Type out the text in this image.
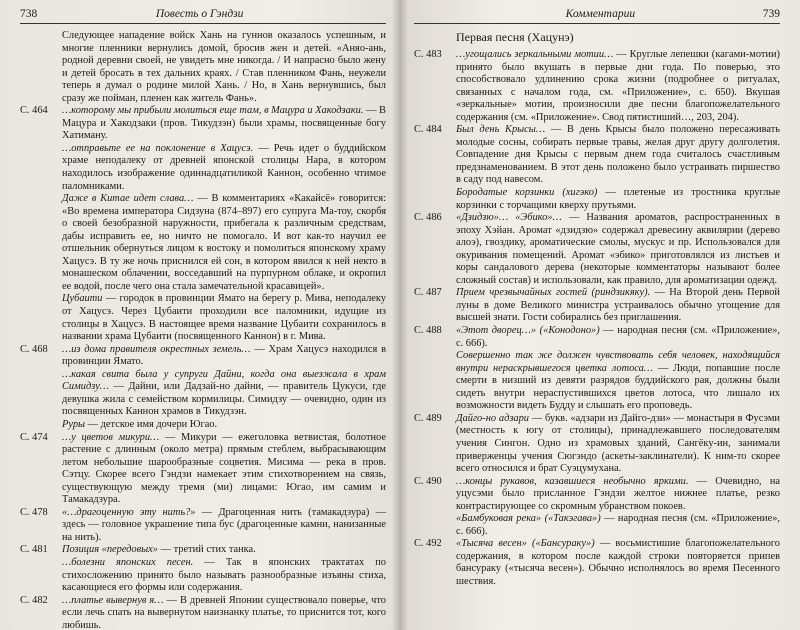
738	Повесть о Гэндзи

Следующее нападение войск Хань на гуннов оказалось успешным, и многие пленники вернулись домой, бросив жен и детей. «Аняо-ань, родной деревни своей, не увидеть мне никогда. / И напрасно было жену и детей бросать в тех дальних краях. / Став пленником Фань, неужели теперь я думал о родине милой Хань. / Но, в Хань вернувшись, был сразу же пойман, пленен как житель Фань».

С. 464	…которому мы прибыли молиться еще там, в Мацура и Хакодзаки. — В Мацура и Хакодзаки (пров. Тикудзэн) были храмы, посвященные богу Хатиману.

…отправьте ее на поклонение в Хацусэ. — Речь идет о буддийском храме неподалеку от древней японской столицы Нара, в котором находилось изображение одиннадцатиликой Каннон, особенно чтимое паломниками.

Даже в Китае идет слава… — В комментариях «Какайсё» говорится: «Во времена императора Сидзуна (874–897) его супруга Ма-тоу, скорбя о своей безобразной наружности, прибегала к различным средствам, дабы исправить ее, но ничто не помогало. И вот как-то научил ее отшельник обернуться лицом к востоку и помолиться японскому храму Хацусэ. В ту же ночь приснился ей сон, в котором явился к ней некто в монашеском облачении, восседавший на пурпурном облаке, и окропил ее водой, после чего она стала замечательной красавицей».

Цубаити — городок в провинции Ямато на берегу р. Мива, неподалеку от Хацусэ. Через Цубаити проходили все паломники, идущие из столицы в Хацусэ. В настоящее время название Цубаити сохранилось в названии храма Цубаити (посвященного Каннон) в г. Мива.

С. 468	…из дома правителя окрестных земель… — Храм Хацусэ находился в провинции Ямато.

…какая свита была у супруги Дайни, когда она выезжала в храм Симидзу… — Дайни, или Дадзай-но дайни, — правитель Цукуси, где девушка жила с семейством кормилицы. Симидзу — очевидно, один из посвященных Каннон храмов в Тикудзэн.

Руры — детское имя дочери Югао.

С. 474	…у цветов микури… — Микури — ежеголовка ветвистая, болотное растение с длинным (около метра) прямым стеблем, выбрасывающим летом небольшие шарообразные соцветия. Мисима — река в пров. Сэтцу. Скорее всего Гэндзи намекает этим стихотворением на связь, существующую между тремя (ми) лицами: Югао, им самим и Тамакадзура.

С. 478	«…драгоценную эту нить?» — Драгоценная нить (тамакадзура) — здесь — головное украшение типа бус (драгоценные камни, нанизанные на нить).

С. 481	Позиция «передовых» — третий стих танка.

…болезни японских песен. — Так в японских трактатах по стихосложению принято было называть разнообразные изъяны стиха, касающиеся его формы или содержания.

С. 482	…платье вывернув я… — В древней Японии существовало поверье, что если лечь спать на вывернутом наизнанку платье, то приснится тот, кого любишь.

Комментарии	739
Первая песня (Хацунэ)
С. 483	…угощались зеркальными мотии… — Круглые лепешки (кагами-мотии) принято было вкушать в первые дни года. По поверью, это способствовало удлинению срока жизни (подробнее о ритуалах, связанных с началом года, см. «Приложение», с. 650). Вкушая «зеркальные» мотии, произносили две песни благопожелательного содержания (см. «Приложение». Свод пятистиший…, 203, 204).

С. 484	Был день Крысы… — В день Крысы было положено пересаживать молодые сосны, собирать первые травы, желая друг другу долголетия. Совпадение дня Крысы с первым днем года считалось счастливым предзнаменованием. В этот день положено было устраивать пиршество в саду под навесом.

Бородатые корзинки (хигэко) — плетеные из тростника круглые корзинки с торчащими кверху прутьями.

С. 486	«Дзидзю»… «Эбико»… — Названия ароматов, распространенных в эпоху Хэйан. Аромат «дзидзю» содержал древесину аквилярии (дерево алоэ), гвоздику, ароматические смолы, мускус и пр. Использовался для окуривания помещений. Аромат «эбико» приготовлялся из листьев и коры сандалового дерева (некоторые комментаторы называют более сложный состав) и использовали, как правило, для ароматизации одежд.

С. 487	Прием чрезвычайных гостей (риндзикяку). — На Второй день Первой луны в доме Великого министра устраивалось обычно угощение для высшей знати. Гости собирались без приглашения.

С. 488	«Этот дворец…» («Конодоно») — народная песня (см. «Приложение», с. 666).

Совершенно так же должен чувствовать себя человек, находящийся внутри нераскрывшегося цветка лотоса… — Люди, попавшие после смерти в низший из девяти разрядов буддийского рая, должны были сидеть внутри нераспустившихся цветов лотоса, что лишало их возможности видеть Будду и слышать его проповедь.

С. 489	Дайго-но адзари — букв. «адзари из Дайго-дзи» — монастыря в Фусэми (местность к югу от столицы), принадлежавшего последователям учения Сингон. Одно из храмовых зданий, Сангёку-ин, занимали приверженцы учения Сюгэндо (аскеты-заклинатели). К ним-то скорее всего относился и брат Суэцумухана.

С. 490	…концы рукавов, казавшиеся необычно яркими. — Очевидно, на уцусэми было присланное Гэндзи желтое нижнее платье, резко контрастирующее со скромным убранством покоев.

«Бамбуковая река» («Такэгава») — народная песня (см. «Приложение», с. 666).

С. 492	«Тысяча весен» («Бансураку») — восьмистишие благопожелательного содержания, в котором после каждой строки повторяется припев бансураку («тысяча весен»). Обычно исполнялось во время Песенного шествия.
